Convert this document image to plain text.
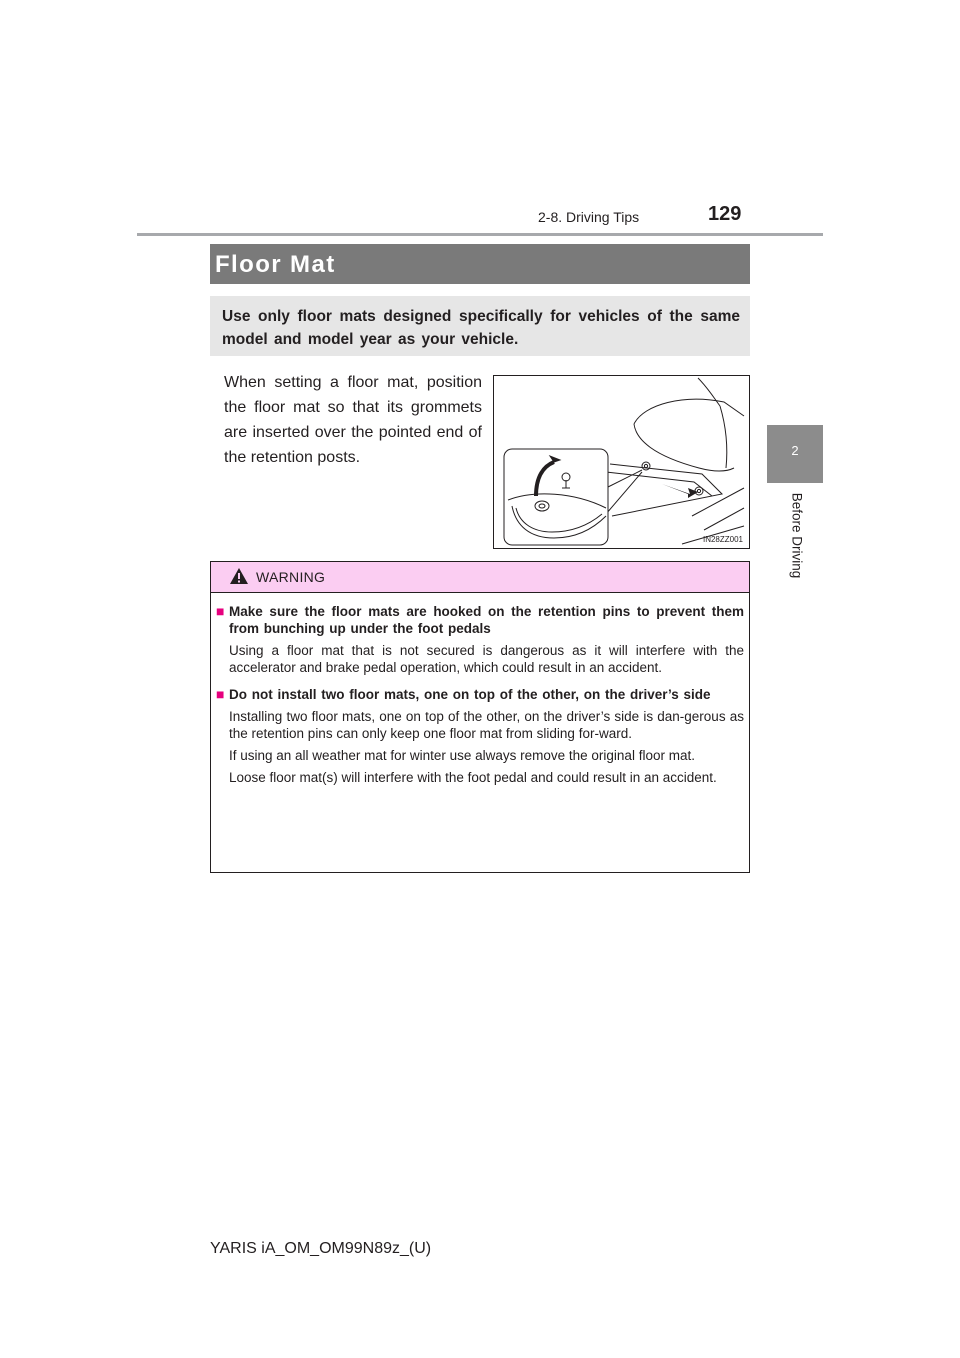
2-8. Driving Tips	129
2
Before Driving
Floor Mat
Use only floor mats designed specifically for vehicles of the same model and model year as your vehicle.
When setting a floor mat, position the floor mat so that its grommets are inserted over the pointed end of the retention posts.
IN28ZZ001
WARNING
■ Make sure the floor mats are hooked on the retention pins to prevent them from bunching up under the foot pedals
Using a floor mat that is not secured is dangerous as it will interfere with the accelerator and brake pedal operation, which could result in an accident.
■ Do not install two floor mats, one on top of the other, on the driver’s side
Installing two floor mats, one on top of the other, on the driver’s side is dan-gerous as the retention pins can only keep one floor mat from sliding for-ward.
If using an all weather mat for winter use always remove the original floor mat.
Loose floor mat(s) will interfere with the foot pedal and could result in an accident.
YARIS iA_OM_OM99N89z_(U)
